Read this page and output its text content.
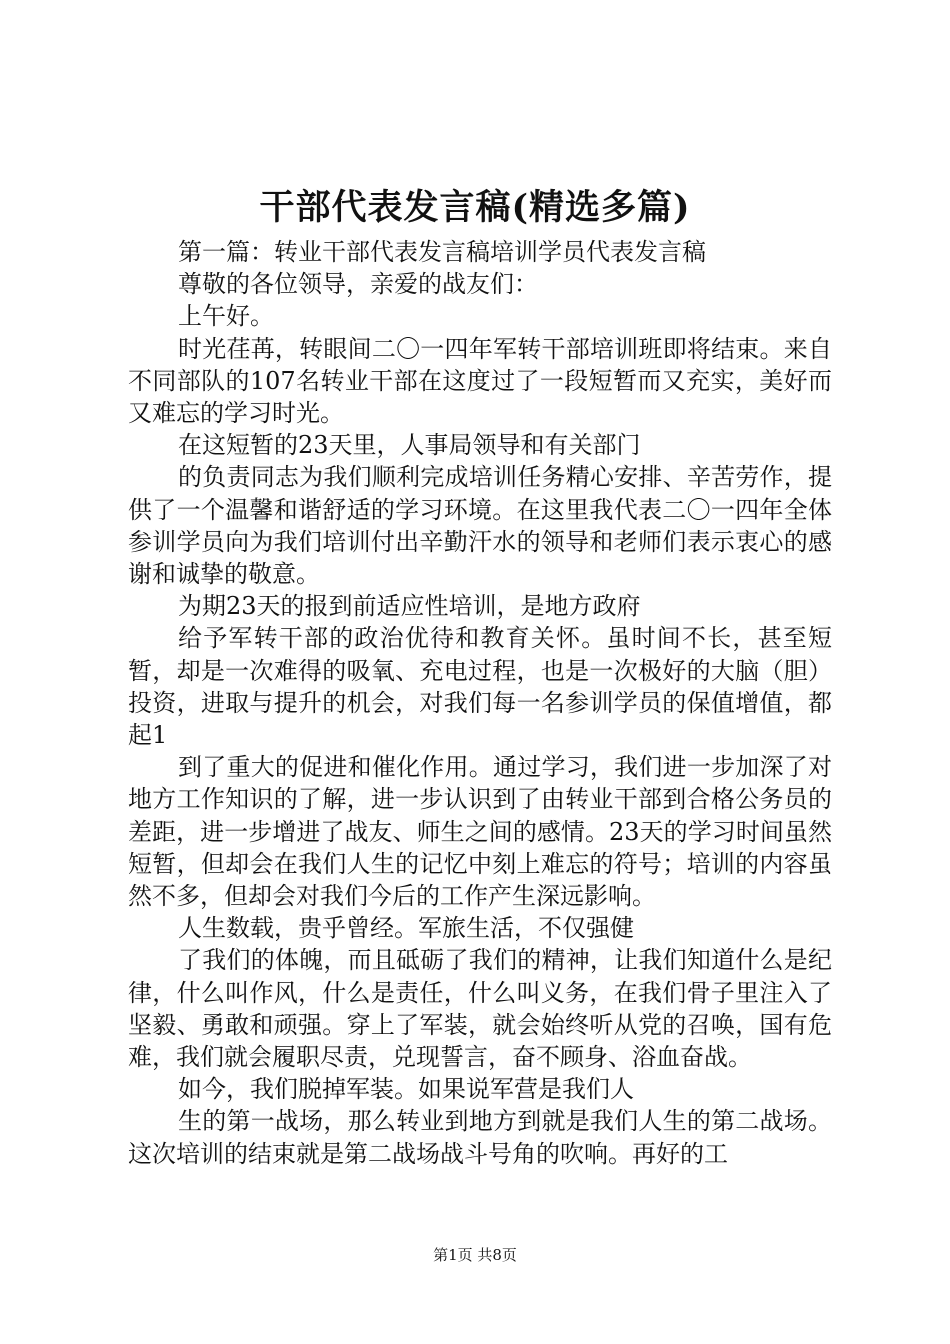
干部代表发言稿(精选多篇)

第一篇：转业干部代表发言稿培训学员代表发言稿

尊敬的各位领导，亲爱的战友们：

上午好。

时光荏苒，转眼间二〇一四年军转干部培训班即将结束。来自不同部队的107名转业干部在这度过了一段短暂而又充实，美好而又难忘的学习时光。

在这短暂的23天里，人事局领导和有关部门

的负责同志为我们顺利完成培训任务精心安排、辛苦劳作，提供了一个温馨和谐舒适的学习环境。在这里我代表二〇一四年全体参训学员向为我们培训付出辛勤汗水的领导和老师们表示衷心的感谢和诚挚的敬意。

为期23天的报到前适应性培训，是地方政府

给予军转干部的政治优待和教育关怀。虽时间不长，甚至短暂，却是一次难得的吸氧、充电过程，也是一次极好的大脑（胆）投资，进取与提升的机会，对我们每一名参训学员的保值增值，都起1

到了重大的促进和催化作用。通过学习，我们进一步加深了对地方工作知识的了解，进一步认识到了由转业干部到合格公务员的差距，进一步增进了战友、师生之间的感情。23天的学习时间虽然短暂，但却会在我们人生的记忆中刻上难忘的符号；培训的内容虽然不多，但却会对我们今后的工作产生深远影响。

人生数载，贵乎曾经。军旅生活，不仅强健

了我们的体魄，而且砥砺了我们的精神，让我们知道什么是纪律，什么叫作风，什么是责任，什么叫义务，在我们骨子里注入了坚毅、勇敢和顽强。穿上了军装，就会始终听从党的召唤，国有危难，我们就会履职尽责，兑现誓言，奋不顾身、浴血奋战。

如今，我们脱掉军装。如果说军营是我们人

生的第一战场，那么转业到地方到就是我们人生的第二战场。这次培训的结束就是第二战场战斗号角的吹响。再好的工

第1页 共8页
